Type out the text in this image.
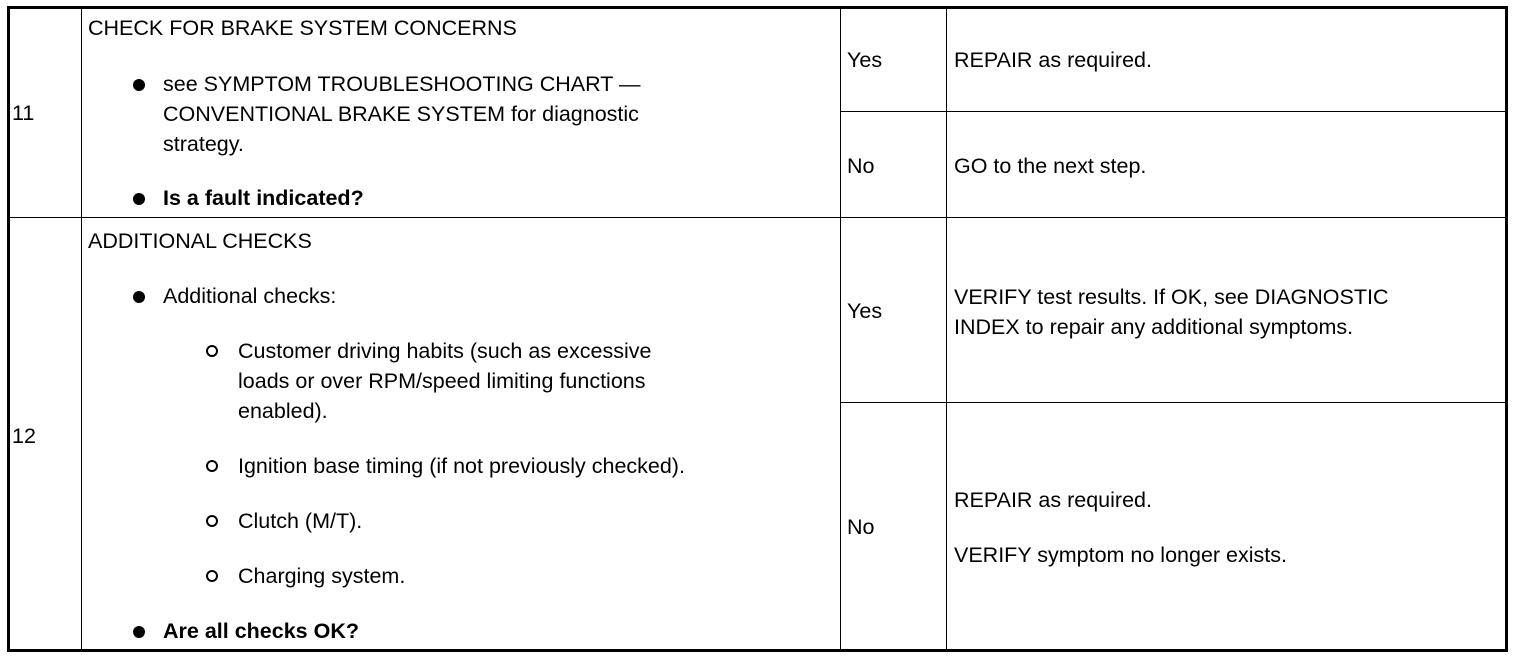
11
CHECK FOR BRAKE SYSTEM CONCERNS
see SYMPTOM TROUBLESHOOTING CHART —
CONVENTIONAL BRAKE SYSTEM for diagnostic
strategy.
Is a fault indicated?
Yes	REPAIR as required.
No	GO to the next step.
12
ADDITIONAL CHECKS
Additional checks:
Customer driving habits (such as excessive
loads or over RPM/speed limiting functions
enabled).
Ignition base timing (if not previously checked).
Clutch (M/T).
Charging system.
Are all checks OK?
Yes
VERIFY test results. If OK, see DIAGNOSTIC
INDEX to repair any additional symptoms.
No
REPAIR as required.
VERIFY symptom no longer exists.
